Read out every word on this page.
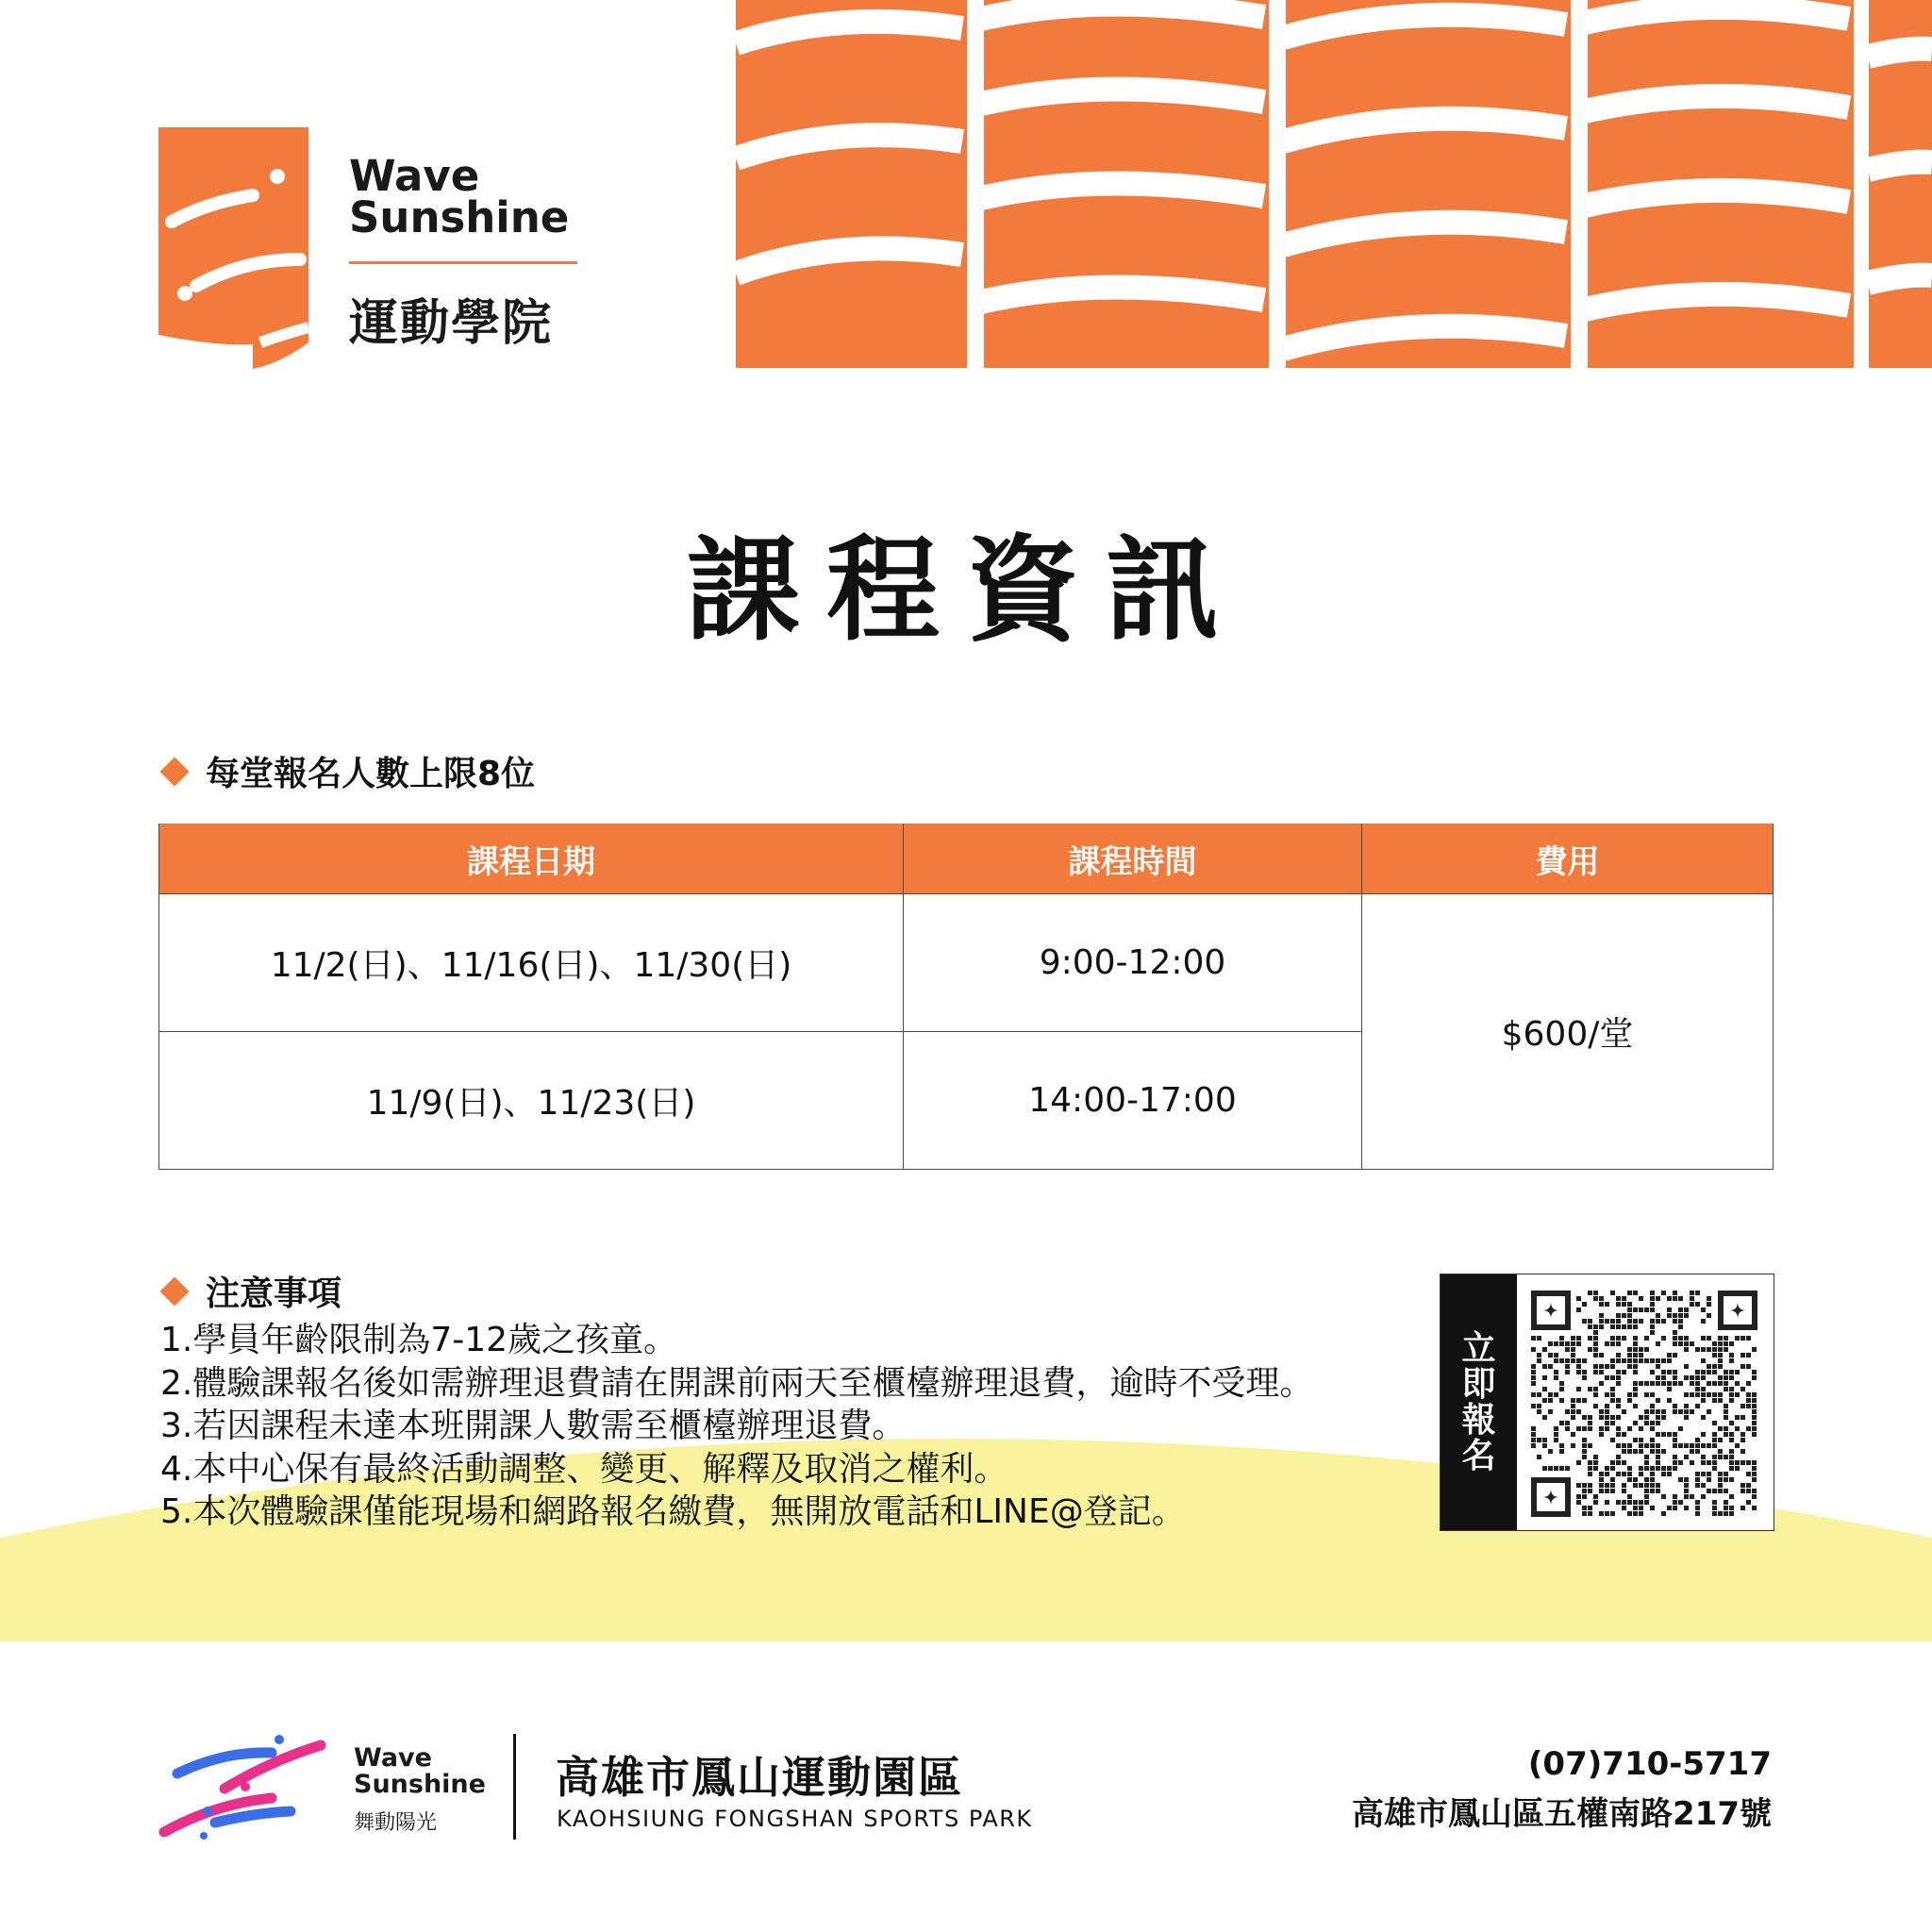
Wave
Sunshine
運動學院
課程資訊
每堂報名人數上限8位
課程日期	課程時間	費用
11/2(日)、11/16(日)、11/30(日)	9:00-12:00	$600/堂
11/9(日)、11/23(日)	14:00-17:00	
注意事項
1.學員年齡限制為7-12歲之孩童。
2.體驗課報名後如需辦理退費請在開課前兩天至櫃檯辦理退費，逾時不受理。
3.若因課程未達本班開課人數需至櫃檯辦理退費。
4.本中心保有最終活動調整、變更、解釋及取消之權利。
5.本次體驗課僅能現場和網路報名繳費，無開放電話和LINE@登記。
立
即
報
名
Wave
Sunshine
舞動陽光
高雄市鳳山運動園區
KAOHSIUNG FONGSHAN SPORTS PARK
(07)710-5717
高雄市鳳山區五權南路217號
